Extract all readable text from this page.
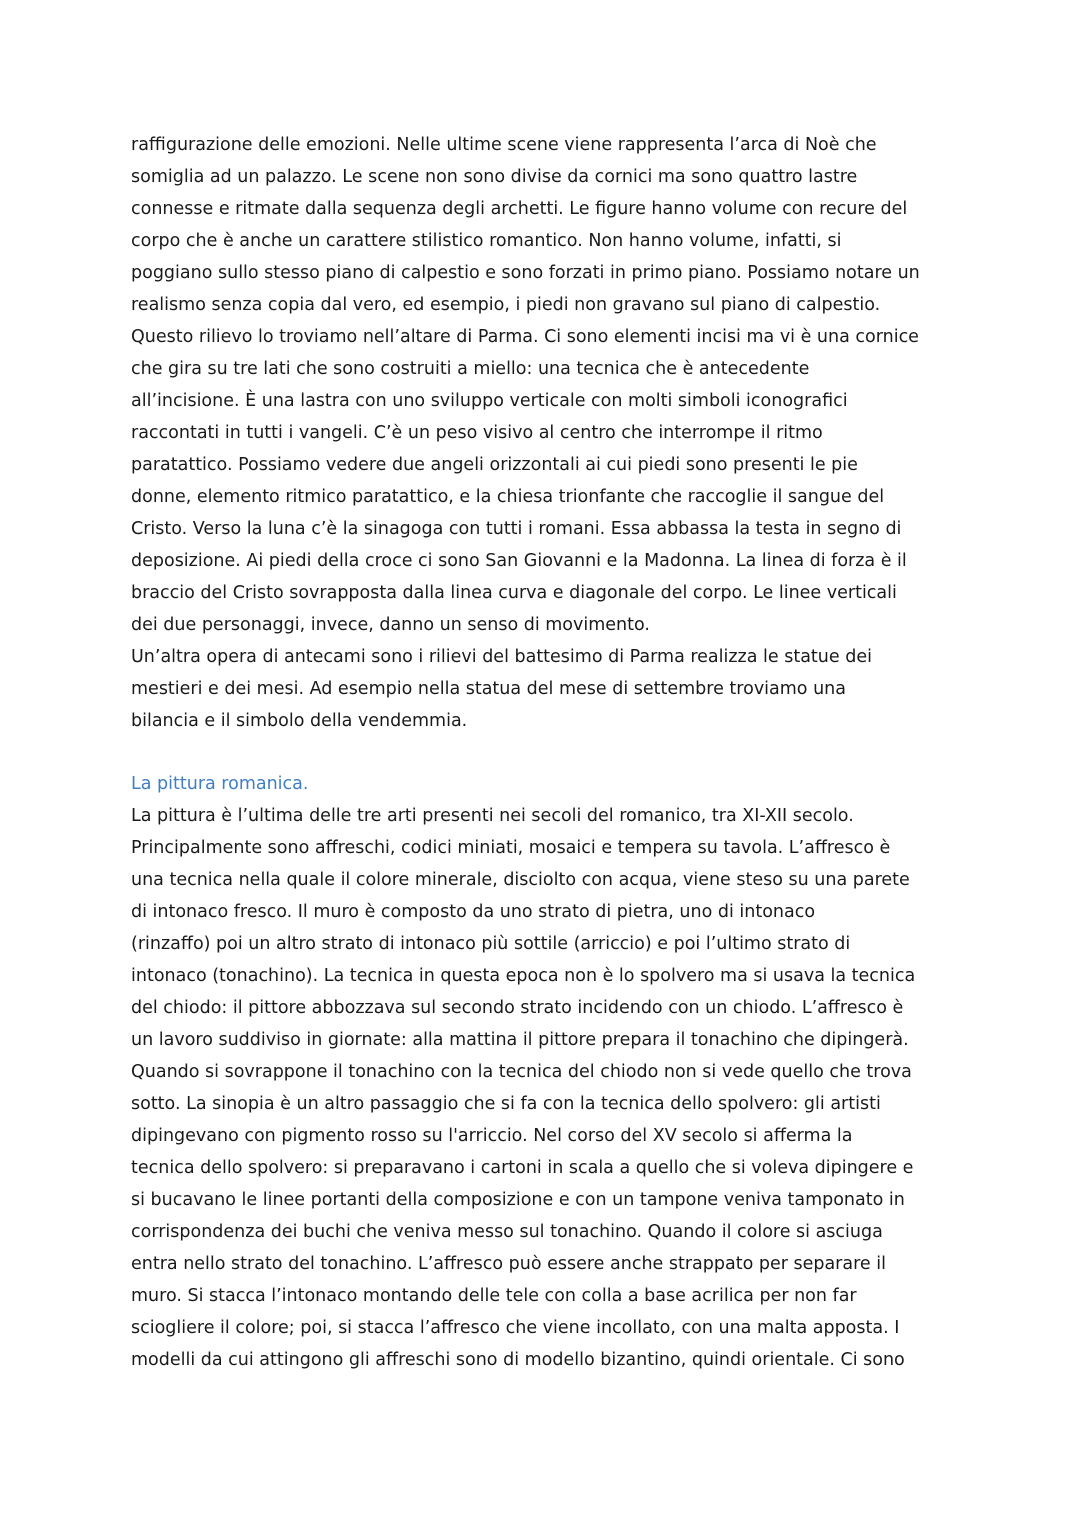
raffigurazione delle emozioni. Nelle ultime scene viene rappresenta l’arca di Noè che
somiglia ad un palazzo. Le scene non sono divise da cornici ma sono quattro lastre
connesse e ritmate dalla sequenza degli archetti. Le figure hanno volume con recure del
corpo che è anche un carattere stilistico romantico. Non hanno volume, infatti, si
poggiano sullo stesso piano di calpestio e sono forzati in primo piano. Possiamo notare un
realismo senza copia dal vero, ed esempio, i piedi non gravano sul piano di calpestio.
Questo rilievo lo troviamo nell’altare di Parma. Ci sono elementi incisi ma vi è una cornice
che gira su tre lati che sono costruiti a miello: una tecnica che è antecedente
all’incisione. È una lastra con uno sviluppo verticale con molti simboli iconografici
raccontati in tutti i vangeli. C’è un peso visivo al centro che interrompe il ritmo
paratattico. Possiamo vedere due angeli orizzontali ai cui piedi sono presenti le pie
donne, elemento ritmico paratattico, e la chiesa trionfante che raccoglie il sangue del
Cristo. Verso la luna c’è la sinagoga con tutti i romani. Essa abbassa la testa in segno di
deposizione. Ai piedi della croce ci sono San Giovanni e la Madonna. La linea di forza è il
braccio del Cristo sovrapposta dalla linea curva e diagonale del corpo. Le linee verticali
dei due personaggi, invece, danno un senso di movimento.
Un’altra opera di antecami sono i rilievi del battesimo di Parma realizza le statue dei
mestieri e dei mesi. Ad esempio nella statua del mese di settembre troviamo una
bilancia e il simbolo della vendemmia.
La pittura romanica.
La pittura è l’ultima delle tre arti presenti nei secoli del romanico, tra XI-XII secolo.
Principalmente sono affreschi, codici miniati, mosaici e tempera su tavola. L’affresco è
una tecnica nella quale il colore minerale, disciolto con acqua, viene steso su una parete
di intonaco fresco. Il muro è composto da uno strato di pietra, uno di intonaco
(rinzaffo) poi un altro strato di intonaco più sottile (arriccio) e poi l’ultimo strato di
intonaco (tonachino). La tecnica in questa epoca non è lo spolvero ma si usava la tecnica
del chiodo: il pittore abbozzava sul secondo strato incidendo con un chiodo. L’affresco è
un lavoro suddiviso in giornate: alla mattina il pittore prepara il tonachino che dipingerà.
Quando si sovrappone il tonachino con la tecnica del chiodo non si vede quello che trova
sotto. La sinopia è un altro passaggio che si fa con la tecnica dello spolvero: gli artisti
dipingevano con pigmento rosso su l'arriccio. Nel corso del XV secolo si afferma la
tecnica dello spolvero: si preparavano i cartoni in scala a quello che si voleva dipingere e
si bucavano le linee portanti della composizione e con un tampone veniva tamponato in
corrispondenza dei buchi che veniva messo sul tonachino. Quando il colore si asciuga
entra nello strato del tonachino. L’affresco può essere anche strappato per separare il
muro. Si stacca l’intonaco montando delle tele con colla a base acrilica per non far
sciogliere il colore; poi, si stacca l’affresco che viene incollato, con una malta apposta. I
modelli da cui attingono gli affreschi sono di modello bizantino, quindi orientale. Ci sono
